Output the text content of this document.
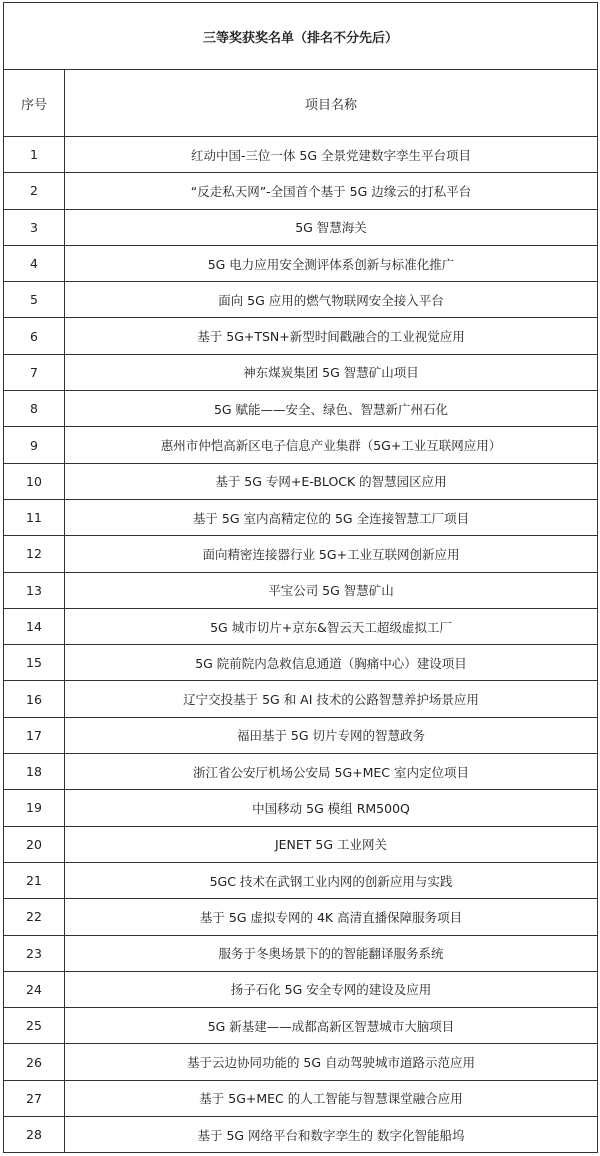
三等奖获奖名单（排名不分先后）	
序号	项目名称
1	红动中国-三位一体 5G 全景党建数字孪生平台项目
2	“反走私天网”-全国首个基于 5G 边缘云的打私平台
3	5G 智慧海关
4	5G 电力应用安全测评体系创新与标准化推广
5	面向 5G 应用的燃气物联网安全接入平台
6	基于 5G+TSN+新型时间戳融合的工业视觉应用
7	神东煤炭集团 5G 智慧矿山项目
8	5G 赋能——安全、绿色、智慧新广州石化
9	惠州市仲恺高新区电子信息产业集群（5G+工业互联网应用）
10	基于 5G 专网+E-BLOCK 的智慧园区应用
11	基于 5G 室内高精定位的 5G 全连接智慧工厂项目
12	面向精密连接器行业 5G+工业互联网创新应用
13	平宝公司 5G 智慧矿山
14	5G 城市切片+京东&智云天工超级虚拟工厂
15	5G 院前院内急救信息通道（胸痛中心）建设项目
16	辽宁交投基于 5G 和 AI 技术的公路智慧养护场景应用
17	福田基于 5G 切片专网的智慧政务
18	浙江省公安厅机场公安局 5G+MEC 室内定位项目
19	中国移动 5G 模组 RM500Q
20	JENET 5G 工业网关
21	5GC 技术在武钢工业内网的创新应用与实践
22	基于 5G 虚拟专网的 4K 高清直播保障服务项目
23	服务于冬奥场景下的的智能翻译服务系统
24	扬子石化 5G 安全专网的建设及应用
25	5G 新基建——成都高新区智慧城市大脑项目
26	基于云边协同功能的 5G 自动驾驶城市道路示范应用
27	基于 5G+MEC 的人工智能与智慧课堂融合应用
28	基于 5G 网络平台和数字孪生的 数字化智能船坞
